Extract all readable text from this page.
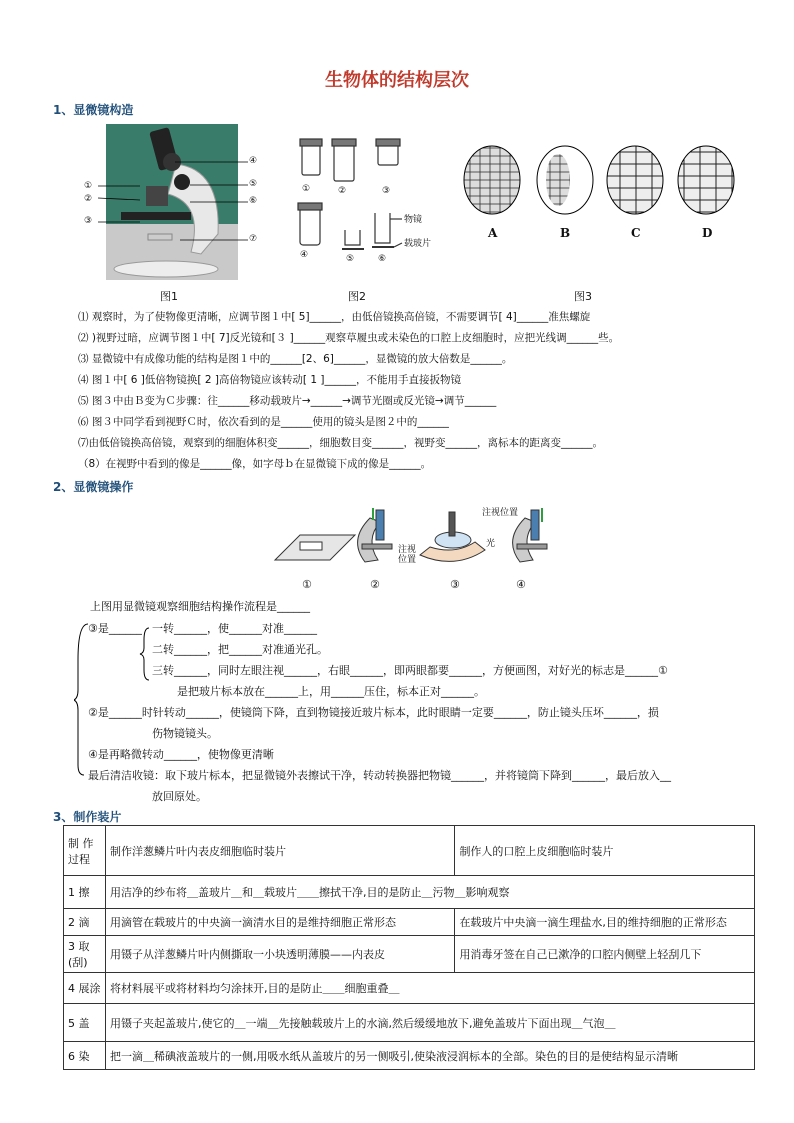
生物体的结构层次
1、显微镜构造
①
②
③
④
⑤
⑥
⑦
图1
①	②	③
④	⑤	⑥
物镜
载玻片
图2
A	B	C	D
图3
⑴ 观察时，为了使物像更清晰，应调节图１中[ 5]______，由低倍镜换高倍镜，不需要调节[ 4]______准焦螺旋
⑵ )视野过暗，应调节图１中[ 7]反光镜和[３ ]______观察草履虫或未染色的口腔上皮细胞时，应把光线调______些。
⑶ 显微镜中有成像功能的结构是图１中的______[2、6]______，显微镜的放大倍数是______。
⑷ 图１中[ 6 ]低倍物镜换[ 2 ]高倍物镜应该转动[ 1 ]______，不能用手直接扳物镜
⑸ 图３中由Ｂ变为Ｃ步骤：往______移动载玻片→______→调节光圈或反光镜→调节______
⑹ 图３中同学看到视野Ｃ时，依次看到的是______使用的镜头是图２中的______
⑺由低倍镜换高倍镜，观察到的细胞体积变______，细胞数目变______，视野变______，离标本的距离变______。
（8）在视野中看到的像是______像，如字母ｂ在显微镜下成的像是______。
2、显微镜操作
注视位置
注视位置
光
①	②	③	④
上图用显微镜观察细胞结构操作流程是______
③是______ 一转______，使______对准______
二转______，把______对准通光孔。
三转______，同时左眼注视______，右眼______，即两眼都要______，方便画图，对好光的标志是______①
是把玻片标本放在______上，用______压住，标本正对______。
②是______时针转动______，使镜筒下降，直到物镜接近玻片标本，此时眼睛一定要______，防止镜头压坏______，损
伤物镜镜头。
④是再略微转动______，使物像更清晰
最后清洁收镜：取下玻片标本，把显微镜外表擦试干净，转动转换器把物镜______，并将镜筒下降到______，最后放入__
放回原处。
3、制作装片
制 作过程	制作洋葱鳞片叶内表皮细胞临时装片	制作人的口腔上皮细胞临时装片
1 擦	用洁净的纱布将＿盖玻片＿和＿载玻片＿＿擦拭干净,目的是防止＿污物＿影响观察	
2 滴	用滴管在载玻片的中央滴一滴清水目的是维持细胞正常形态	在载玻片中央滴一滴生理盐水,目的维持细胞的正常形态
3 取(刮)	用镊子从洋葱鳞片叶内侧撕取一小块透明薄膜——内表皮	用消毒牙签在自己已漱净的口腔内侧壁上轻刮几下
4 展涂	将材料展平或将材料均匀涂抹开,目的是防止＿＿细胞重叠＿	
5 盖	用镊子夹起盖玻片,使它的＿一端＿先接触载玻片上的水滴,然后缓缓地放下,避免盖玻片下面出现＿气泡＿	
6 染	把一滴＿稀碘液盖玻片的一侧,用吸水纸从盖玻片的另一侧吸引,使染液浸润标本的全部。染色的目的是使结构显示清晰	
